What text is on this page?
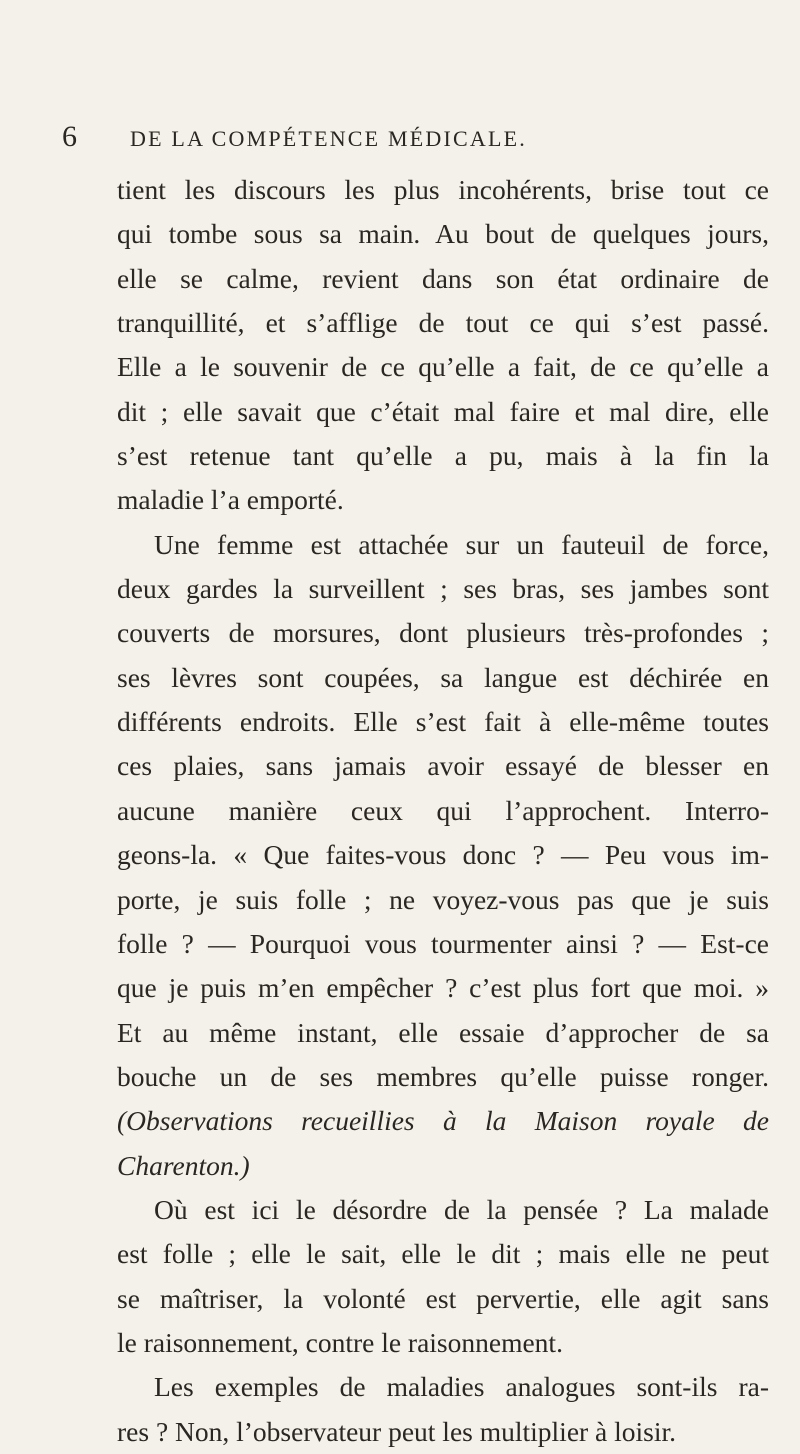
6 DE LA COMPÉTENCE MÉDICALE.
tient les discours les plus incohérents, brise tout ce
qui tombe sous sa main. Au bout de quelques jours,
elle se calme, revient dans son état ordinaire de
tranquillité, et s’afflige de tout ce qui s’est passé.
Elle a le souvenir de ce qu’elle a fait, de ce qu’elle a
dit ; elle savait que c’était mal faire et mal dire, elle
s’est retenue tant qu’elle a pu, mais à la fin la
maladie l’a emporté.
Une femme est attachée sur un fauteuil de force,
deux gardes la surveillent ; ses bras, ses jambes sont
couverts de morsures, dont plusieurs très-profondes ;
ses lèvres sont coupées, sa langue est déchirée en
différents endroits. Elle s’est fait à elle-même toutes
ces plaies, sans jamais avoir essayé de blesser en
aucune manière ceux qui l’approchent. Interro-
geons-la. « Que faites-vous donc ? — Peu vous im-
porte, je suis folle ; ne voyez-vous pas que je suis
folle ? — Pourquoi vous tourmenter ainsi ? — Est-ce
que je puis m’en empêcher ? c’est plus fort que moi. »
Et au même instant, elle essaie d’approcher de sa
bouche un de ses membres qu’elle puisse ronger.
(Observations recueillies à la Maison royale de
Charenton.)
Où est ici le désordre de la pensée ? La malade
est folle ; elle le sait, elle le dit ; mais elle ne peut
se maîtriser, la volonté est pervertie, elle agit sans
le raisonnement, contre le raisonnement.
Les exemples de maladies analogues sont-ils ra-
res ? Non, l’observateur peut les multiplier à loisir.
